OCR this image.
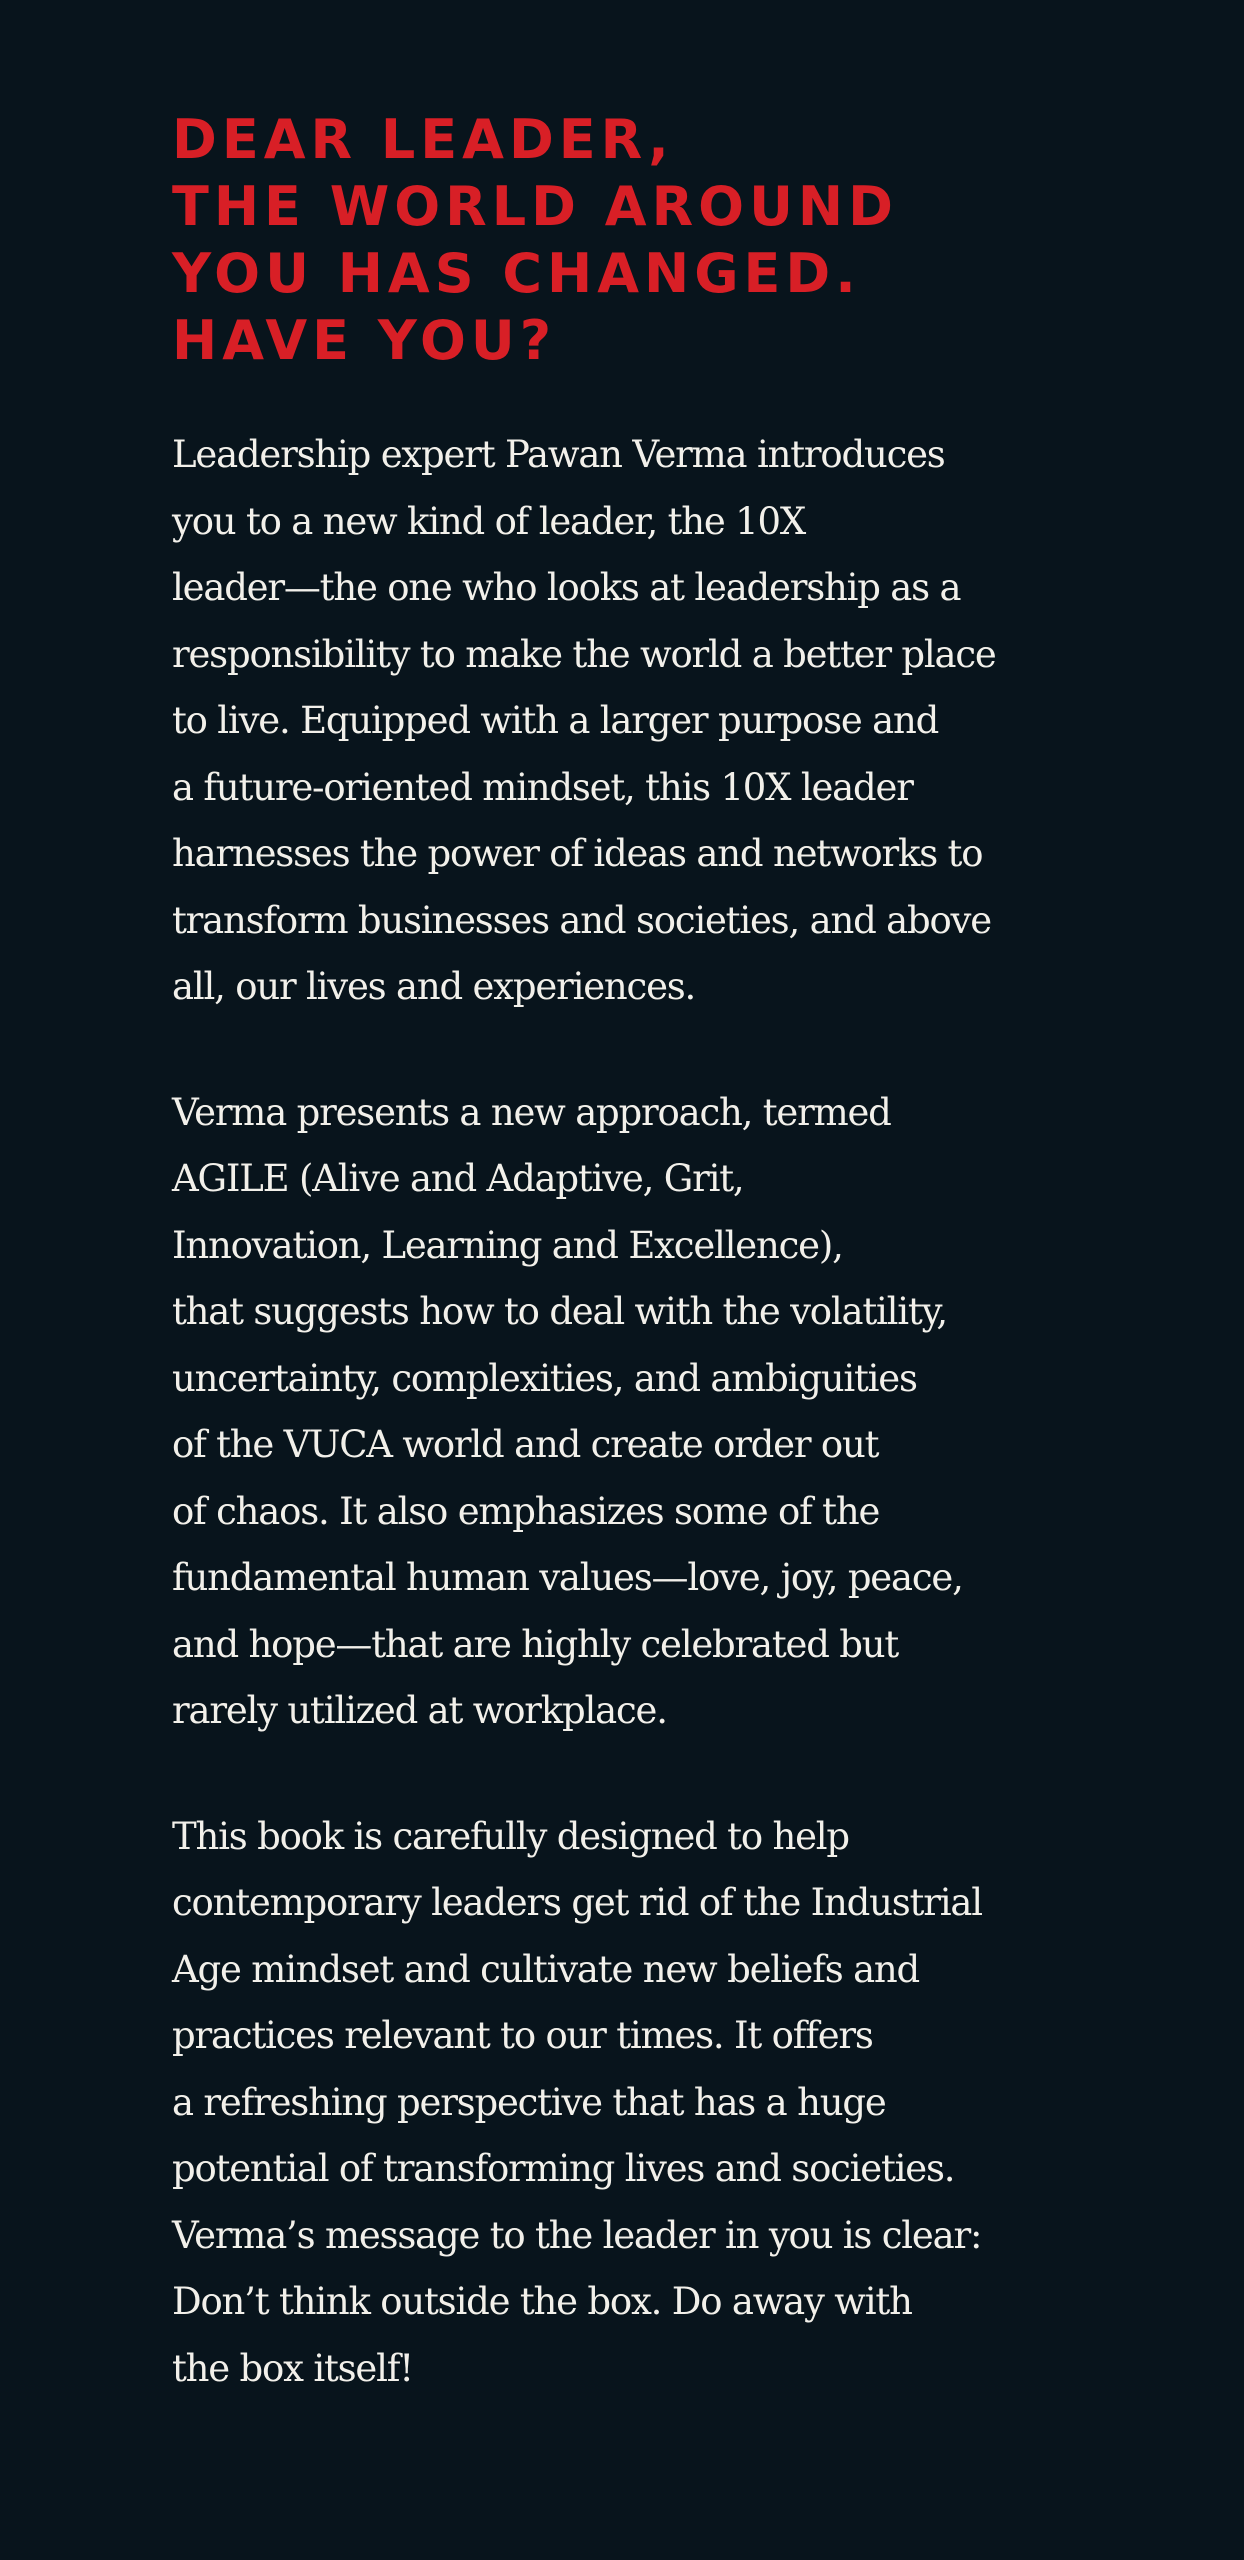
DEAR LEADER,
THE WORLD AROUND
YOU HAS CHANGED.
HAVE YOU?
Leadership expert Pawan Verma introduces
you to a new kind of leader, the 10X
leader—the one who looks at leadership as a
responsibility to make the world a better place
to live. Equipped with a larger purpose and
a future-oriented mindset, this 10X leader
harnesses the power of ideas and networks to
transform businesses and societies, and above
all, our lives and experiences.
Verma presents a new approach, termed
AGILE (Alive and Adaptive, Grit,
Innovation, Learning and Excellence),
that suggests how to deal with the volatility,
uncertainty, complexities, and ambiguities
of the VUCA world and create order out
of chaos. It also emphasizes some of the
fundamental human values—love, joy, peace,
and hope—that are highly celebrated but
rarely utilized at workplace.
This book is carefully designed to help
contemporary leaders get rid of the Industrial
Age mindset and cultivate new beliefs and
practices relevant to our times. It offers
a refreshing perspective that has a huge
potential of transforming lives and societies.
Verma’s message to the leader in you is clear:
Don’t think outside the box. Do away with
the box itself!
